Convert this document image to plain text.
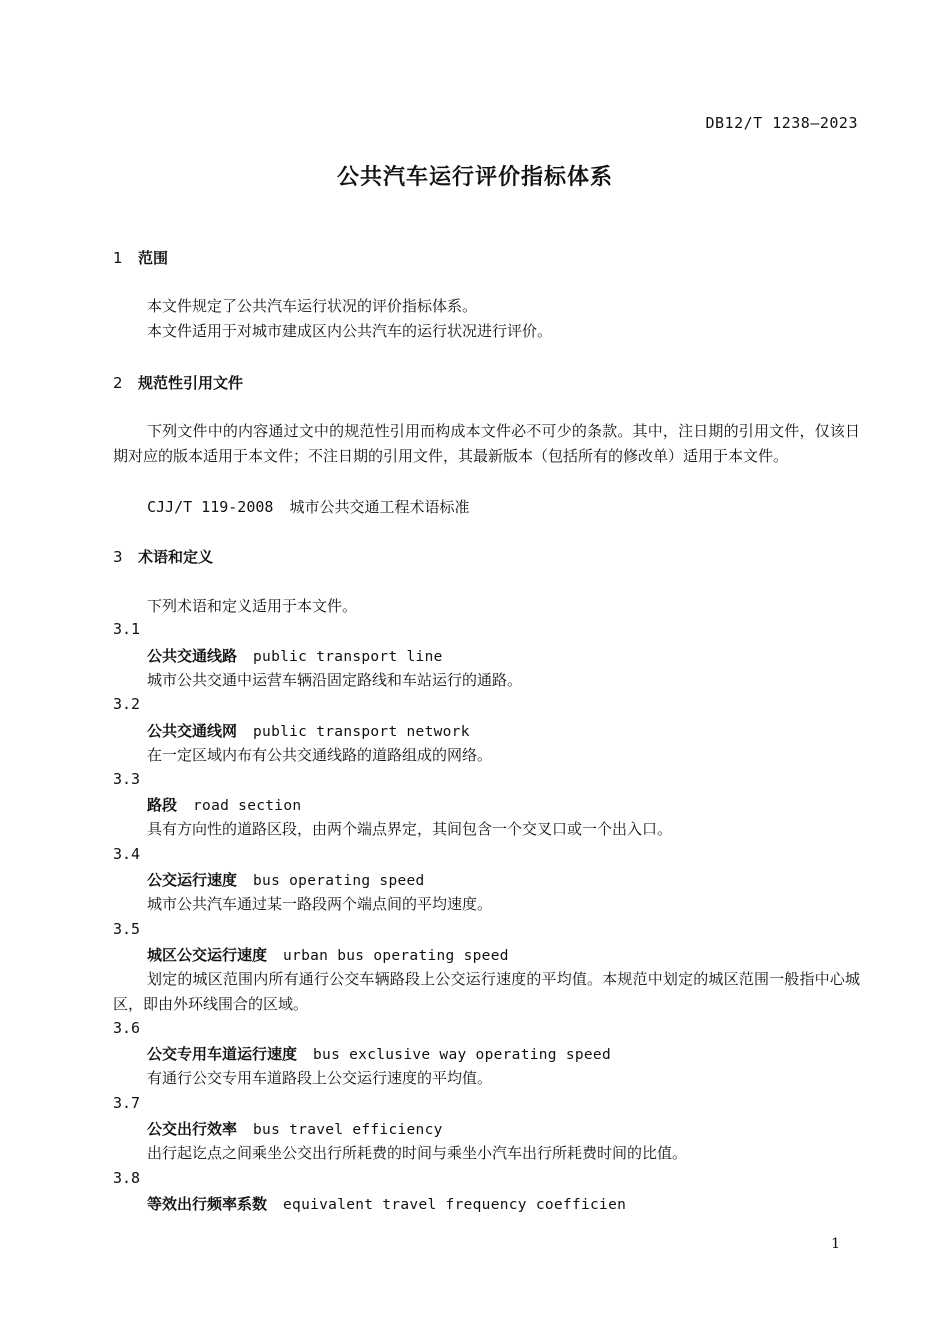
DB12/T 1238—2023
公共汽车运行评价指标体系
1 范围
本文件规定了公共汽车运行状况的评价指标体系。
本文件适用于对城市建成区内公共汽车的运行状况进行评价。
2 规范性引用文件
下列文件中的内容通过文中的规范性引用而构成本文件必不可少的条款。其中，注日期的引用文件，仅该日期对应的版本适用于本文件；不注日期的引用文件，其最新版本（包括所有的修改单）适用于本文件。
CJJ/T 119-2008 城市公共交通工程术语标准
3 术语和定义
下列术语和定义适用于本文件。
3.1
公共交通线路 public transport line
城市公共交通中运营车辆沿固定路线和车站运行的通路。
3.2
公共交通线网 public transport network
在一定区域内布有公共交通线路的道路组成的网络。
3.3
路段 road section
具有方向性的道路区段，由两个端点界定，其间包含一个交叉口或一个出入口。
3.4
公交运行速度 bus operating speed
城市公共汽车通过某一路段两个端点间的平均速度。
3.5
城区公交运行速度 urban bus operating speed
划定的城区范围内所有通行公交车辆路段上公交运行速度的平均值。本规范中划定的城区范围一般指中心城区，即由外环线围合的区域。
3.6
公交专用车道运行速度 bus exclusive way operating speed
有通行公交专用车道路段上公交运行速度的平均值。
3.7
公交出行效率 bus travel efficiency
出行起讫点之间乘坐公交出行所耗费的时间与乘坐小汽车出行所耗费时间的比值。
3.8
等效出行频率系数 equivalent travel frequency coefficien
1
